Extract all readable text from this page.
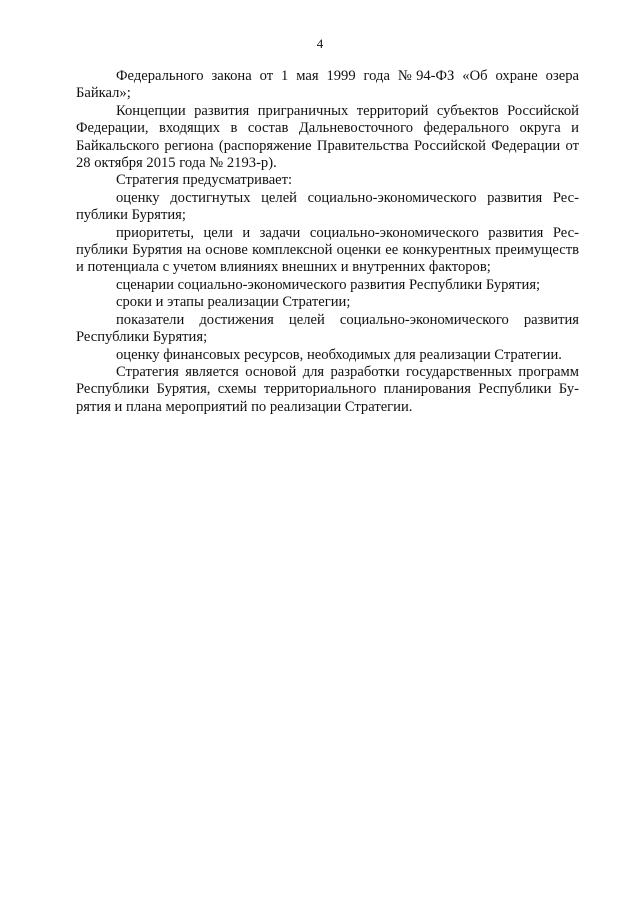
4

Федерального закона от 1 мая 1999 года №94-ФЗ «Об охране озера Байкал»;

Концепции развития приграничных территорий субъектов Российской Федерации, входящих в состав Дальневосточного федерального округа и Байкальского региона (распоряжение Правительства Российской Федерации от 28 октября 2015 года № 2193-р).

Стратегия предусматривает:

оценку достигнутых целей социально-экономического развития Республики Бурятия;

приоритеты, цели и задачи социально-экономического развития Республики Бурятия на основе комплексной оценки ее конкурентных преимуществ и потенциала с учетом влияниях внешних и внутренних факторов;

сценарии социально-экономического развития Республики Бурятия;

сроки и этапы реализации Стратегии;

показатели достижения целей социально-экономического развития Республики Бурятия;

оценку финансовых ресурсов, необходимых для реализации Стратегии.

Стратегия является основой для разработки государственных программ Республики Бурятия, схемы территориального планирования Республики Бурятия и плана мероприятий по реализации Стратегии.
